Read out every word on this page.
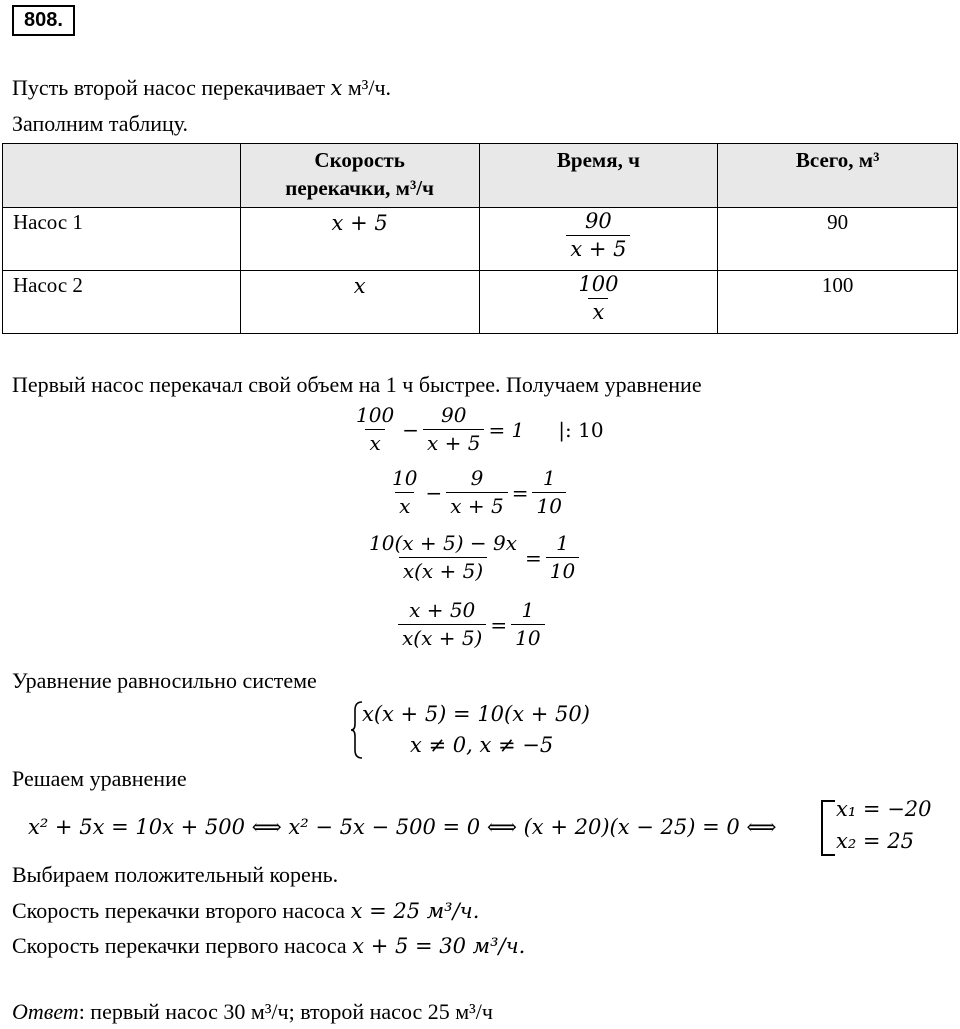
808.
Пусть второй насос перекачивает x м³/ч.
Заполним таблицу.

	Скорость
перекачки, м³/ч	Время, ч	Всего, м³
Насос 1	x + 5	$\frac{90}{x + 5}$	90
Насос 2	x	$\frac{100}{x}$	100
Первый насос перекачал свой объем на 1 ч быстрее. Получаем уравнение
$\frac{100}{x} - \frac{90}{x + 5} = 1$	|: 10
$\frac{10}{x} - \frac{9}{x + 5} = \frac{1}{10}$
$\frac{10(x + 5) - 9x}{x(x + 5)} = \frac{1}{10}$
$\frac{x + 50}{x(x + 5)} = \frac{1}{10}$
Уравнение равносильно системе
x(x + 5) = 10(x + 50)
x ≠ 0, x ≠ −5
Решаем уравнение
x² + 5x = 10x + 500 ⟺ x² − 5x − 500 = 0 ⟺ (x + 20)(x − 25) = 0 ⟺
x₁ = −20
x₂ = 25
Выбираем положительный корень.
Скорость перекачки второго насоса x = 25 м³/ч.
Скорость перекачки первого насоса x + 5 = 30 м³/ч.
Ответ: первый насос 30 м³/ч; второй насос 25 м³/ч
